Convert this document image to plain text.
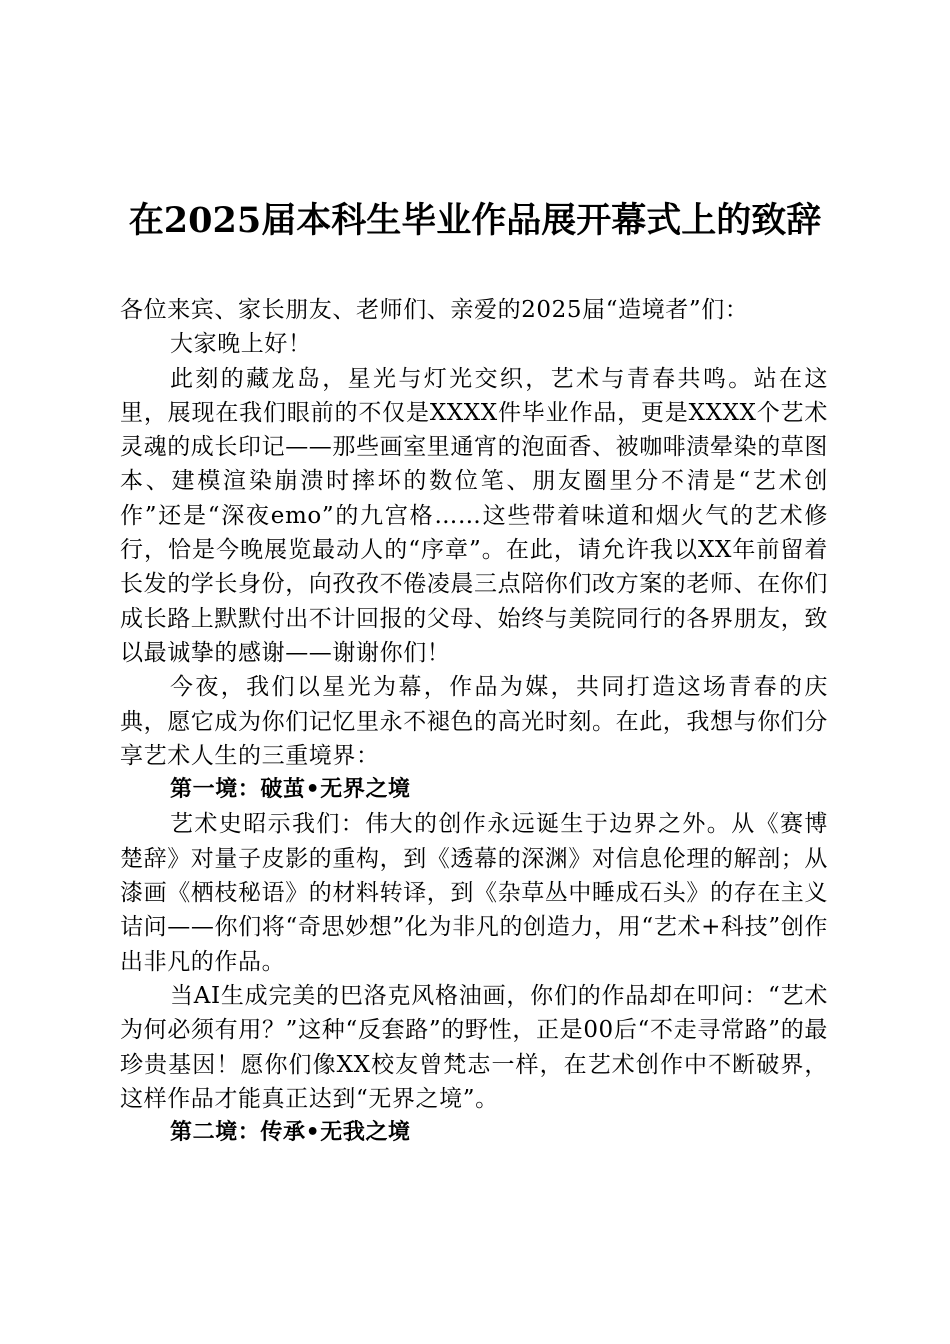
在2025届本科生毕业作品展开幕式上的致辞

各位来宾、家长朋友、老师们、亲爱的2025届“造境者”们：

大家晚上好！

此刻的藏龙岛，星光与灯光交织，艺术与青春共鸣。站在这里，展现在我们眼前的不仅是XXXX件毕业作品，更是XXXX个艺术灵魂的成长印记——那些画室里通宵的泡面香、被咖啡渍晕染的草图本、建模渲染崩溃时摔坏的数位笔、朋友圈里分不清是“艺术创作”还是“深夜emo”的九宫格……这些带着味道和烟火气的艺术修行，恰是今晚展览最动人的“序章”。在此，请允许我以XX年前留着长发的学长身份，向孜孜不倦凌晨三点陪你们改方案的老师、在你们成长路上默默付出不计回报的父母、始终与美院同行的各界朋友，致以最诚挚的感谢——谢谢你们！

今夜，我们以星光为幕，作品为媒，共同打造这场青春的庆典，愿它成为你们记忆里永不褪色的高光时刻。在此，我想与你们分享艺术人生的三重境界：

第一境：破茧•无界之境

艺术史昭示我们：伟大的创作永远诞生于边界之外。从《赛博楚辞》对量子皮影的重构，到《透幕的深渊》对信息伦理的解剖；从漆画《栖枝秘语》的材料转译，到《杂草丛中睡成石头》的存在主义诘问——你们将“奇思妙想”化为非凡的创造力，用“艺术+科技”创作出非凡的作品。

当AI生成完美的巴洛克风格油画，你们的作品却在叩问：“艺术为何必须有用？”这种“反套路”的野性，正是00后“不走寻常路”的最珍贵基因！愿你们像XX校友曾梵志一样，在艺术创作中不断破界，这样作品才能真正达到“无界之境”。

第二境：传承•无我之境
